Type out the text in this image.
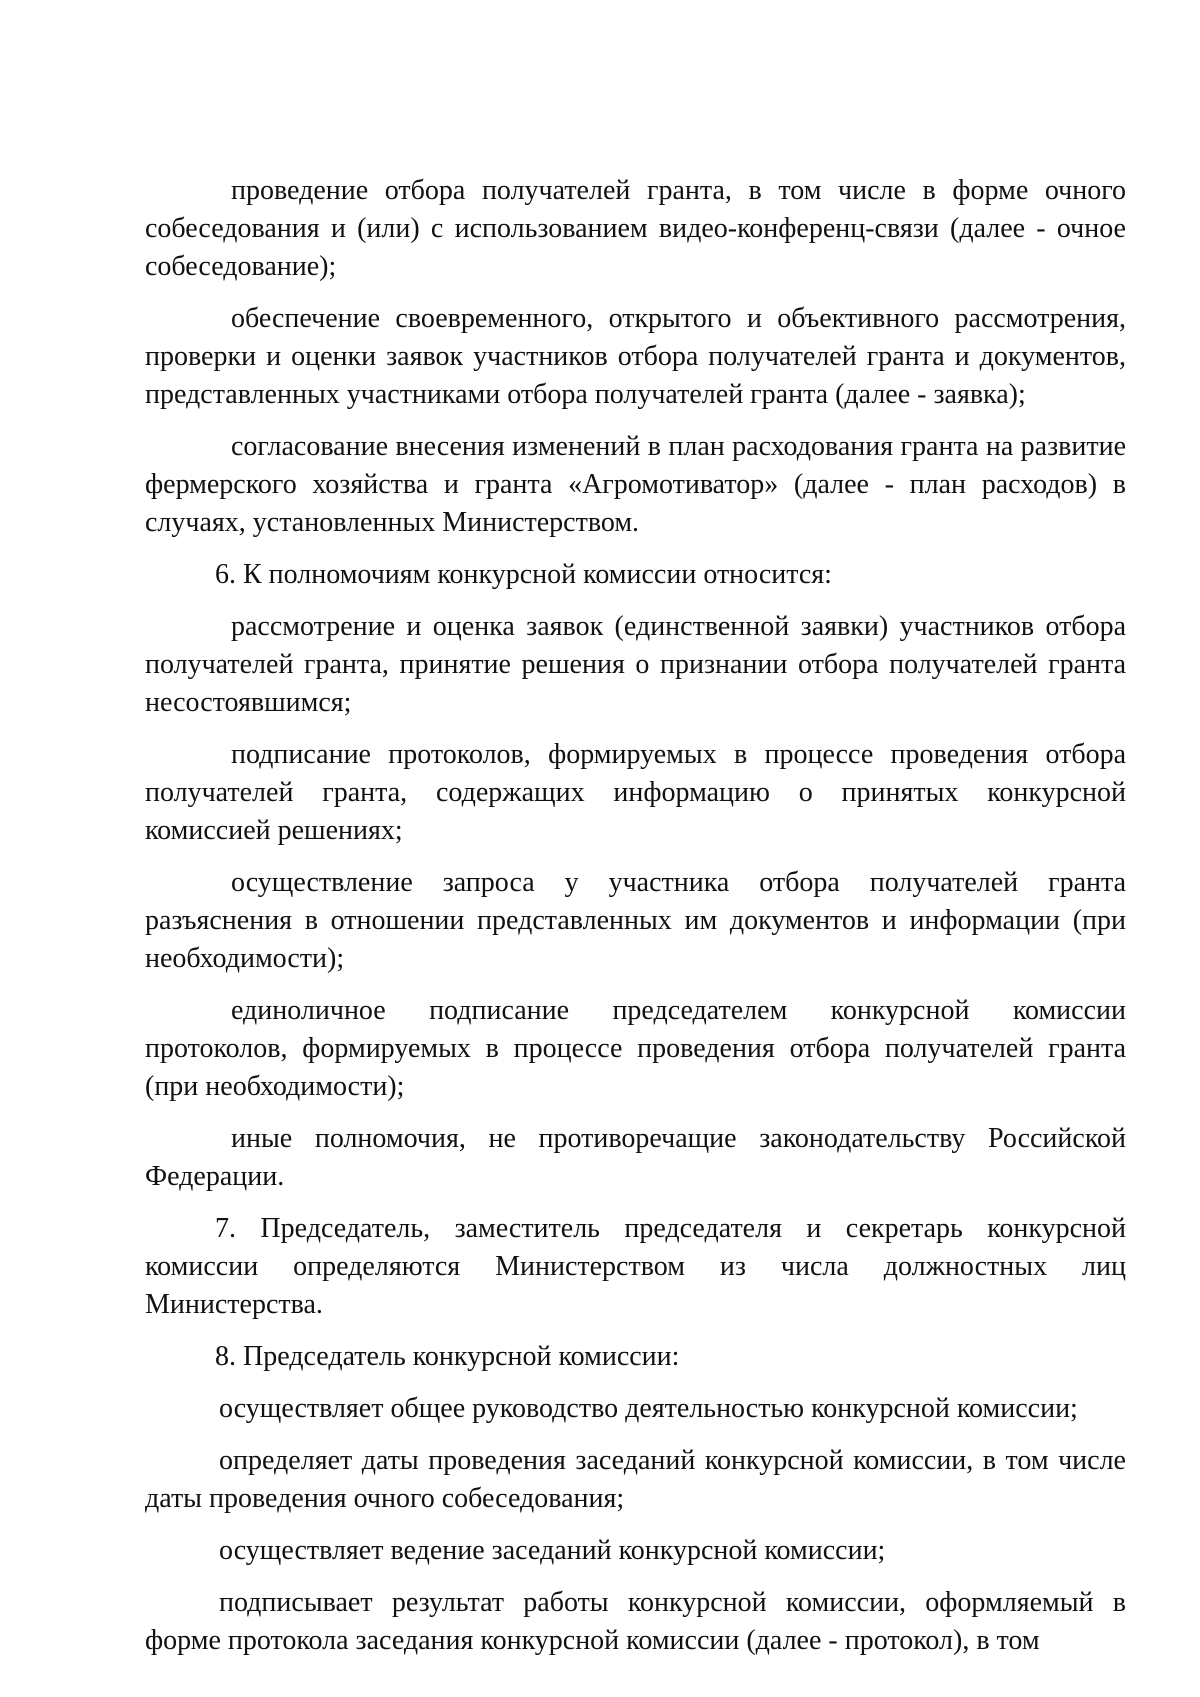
проведение отбора получателей гранта, в том числе в форме очного собеседования и (или) с использованием видео-конференц-связи (далее - очное собеседование);

обеспечение своевременного, открытого и объективного рассмотрения, проверки и оценки заявок участников отбора получателей гранта и документов, представленных участниками отбора получателей гранта (далее - заявка);

согласование внесения изменений в план расходования гранта на развитие фермерского хозяйства и гранта «Агромотиватор» (далее - план расходов) в случаях, установленных Министерством.

6. К полномочиям конкурсной комиссии относится:

рассмотрение и оценка заявок (единственной заявки) участников отбора получателей гранта, принятие решения о признании отбора получателей гранта несостоявшимся;

подписание протоколов, формируемых в процессе проведения отбора получателей гранта, содержащих информацию о принятых конкурсной комиссией решениях;

осуществление запроса у участника отбора получателей гранта разъяснения в отношении представленных им документов и информации (при необходимости);

единоличное подписание председателем конкурсной комиссии протоколов, формируемых в процессе проведения отбора получателей гранта (при необходимости);

иные полномочия, не противоречащие законодательству Российской Федерации.

7. Председатель, заместитель председателя и секретарь конкурсной комиссии определяются Министерством из числа должностных лиц Министерства.

8. Председатель конкурсной комиссии:

осуществляет общее руководство деятельностью конкурсной комиссии;

определяет даты проведения заседаний конкурсной комиссии, в том числе даты проведения очного собеседования;

осуществляет ведение заседаний конкурсной комиссии;

подписывает результат работы конкурсной комиссии, оформляемый в форме протокола заседания конкурсной комиссии (далее - протокол), в том
